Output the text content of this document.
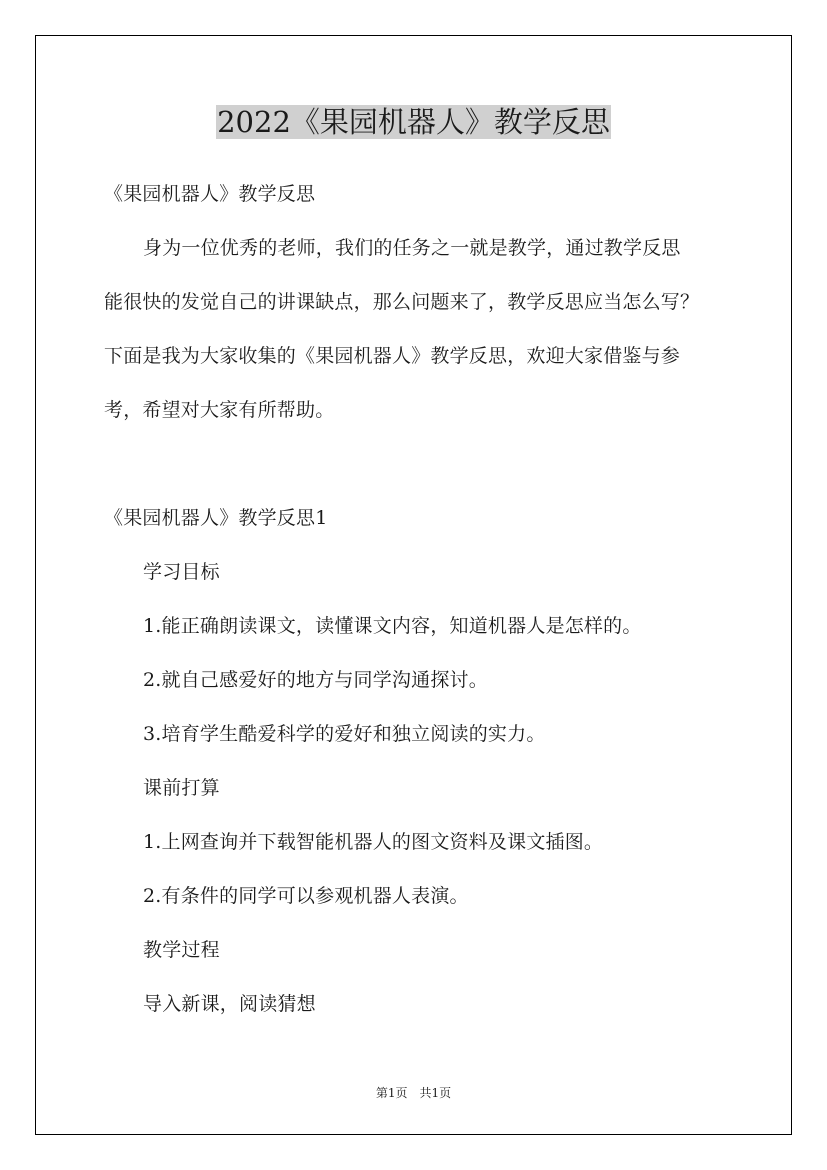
2022《果园机器人》教学反思
《果园机器人》教学反思
身为一位优秀的老师，我们的任务之一就是教学，通过教学反思
能很快的发觉自己的讲课缺点，那么问题来了，教学反思应当怎么写？
下面是我为大家收集的《果园机器人》教学反思，欢迎大家借鉴与参
考，希望对大家有所帮助。
《果园机器人》教学反思1
学习目标
1.能正确朗读课文，读懂课文内容，知道机器人是怎样的。
2.就自己感爱好的地方与同学沟通探讨。
3.培育学生酷爱科学的爱好和独立阅读的实力。
课前打算
1.上网查询并下载智能机器人的图文资料及课文插图。
2.有条件的同学可以参观机器人表演。
教学过程
导入新课，阅读猜想
第1页　共1页
